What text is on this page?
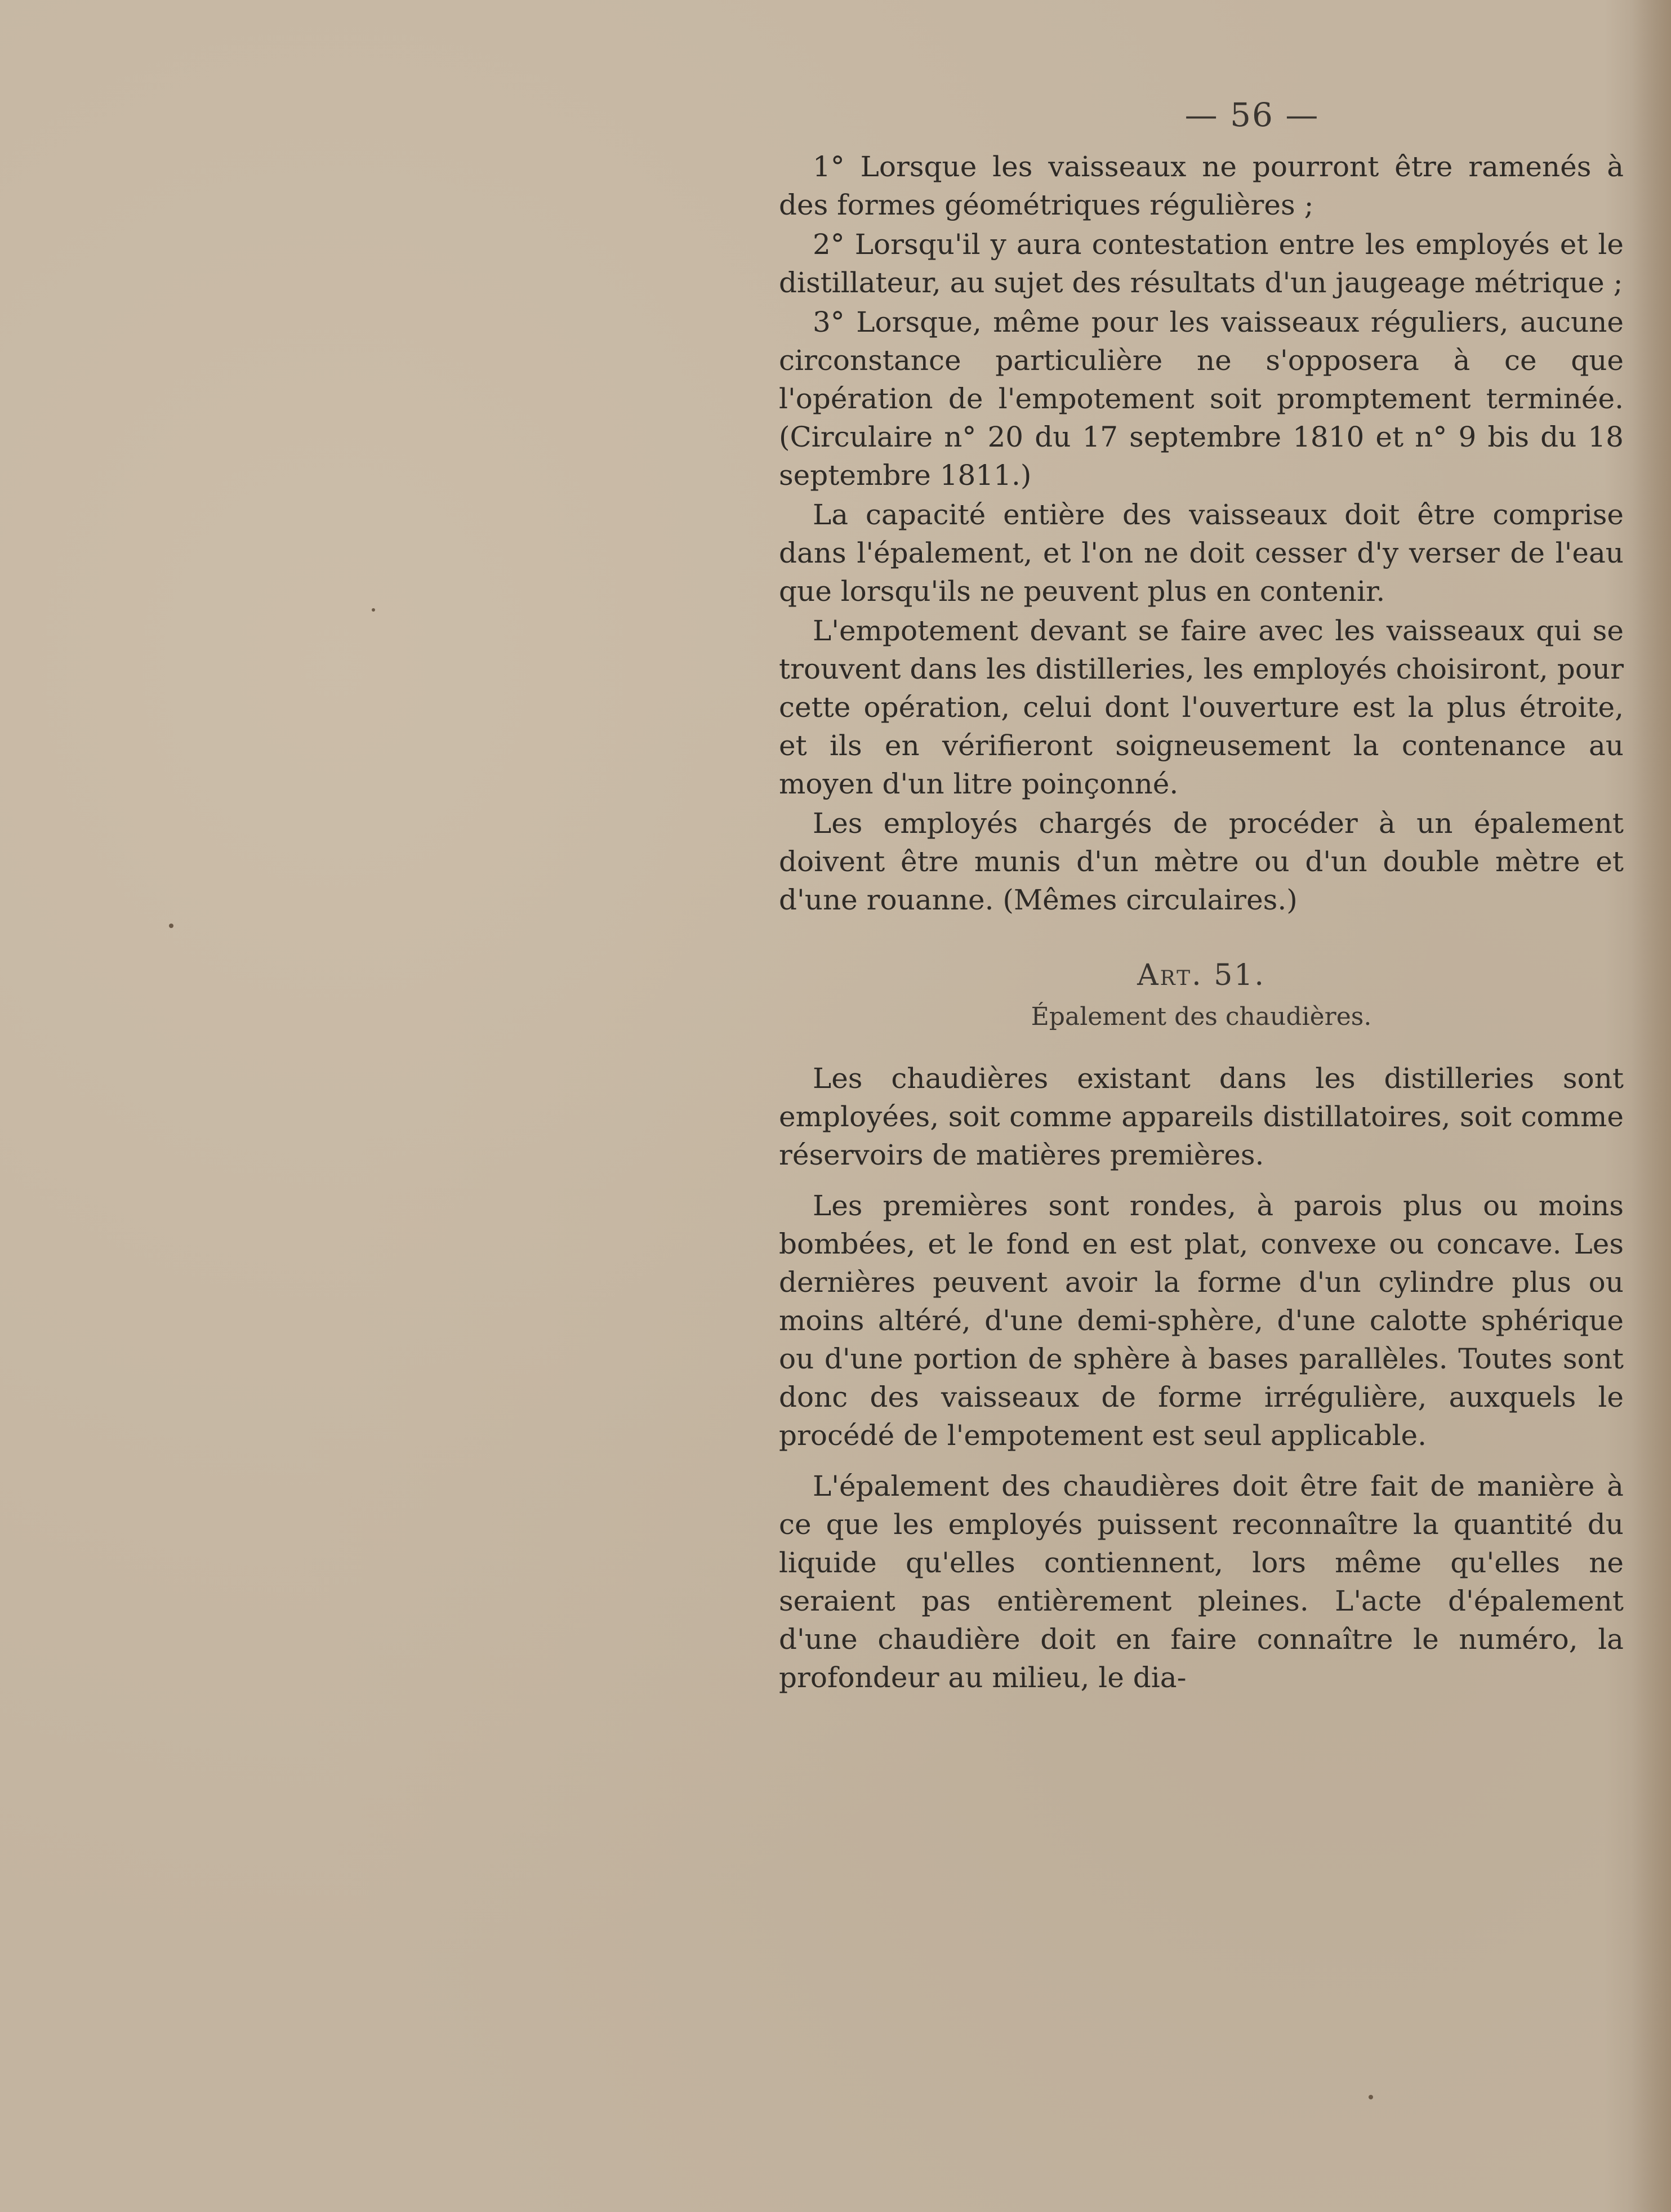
— 56 —

1° Lorsque les vaisseaux ne pourront être ramenés à des formes géométriques régulières ;

2° Lorsqu'il y aura contestation entre les employés et le distillateur, au sujet des résultats d'un jaugeage métrique ;

3° Lorsque, même pour les vaisseaux réguliers, aucune circonstance particulière ne s'opposera à ce que l'opération de l'empotement soit promptement terminée. (Circulaire n° 20 du 17 septembre 1810 et n° 9 bis du 18 septembre 1811.)

La capacité entière des vaisseaux doit être comprise dans l'épalement, et l'on ne doit cesser d'y verser de l'eau que lorsqu'ils ne peuvent plus en contenir.

L'empotement devant se faire avec les vaisseaux qui se trouvent dans les distilleries, les employés choisiront, pour cette opération, celui dont l'ouverture est la plus étroite, et ils en vérifieront soigneusement la contenance au moyen d'un litre poinçonné.

Les employés chargés de procéder à un épalement doivent être munis d'un mètre ou d'un double mètre et d'une rouanne. (Mêmes circulaires.)

Art. 51.
Épalement des chaudières.

Les chaudières existant dans les distilleries sont employées, soit comme appareils distillatoires, soit comme réservoirs de matières premières.

Les premières sont rondes, à parois plus ou moins bombées, et le fond en est plat, convexe ou concave. Les dernières peuvent avoir la forme d'un cylindre plus ou moins altéré, d'une demi-sphère, d'une calotte sphérique ou d'une portion de sphère à bases parallèles. Toutes sont donc des vaisseaux de forme irrégulière, auxquels le procédé de l'empotement est seul applicable.

L'épalement des chaudières doit être fait de manière à ce que les employés puissent reconnaître la quantité du liquide qu'elles contiennent, lors même qu'elles ne seraient pas entièrement pleines. L'acte d'épalement d'une chaudière doit en faire connaître le numéro, la profondeur au milieu, le dia-
